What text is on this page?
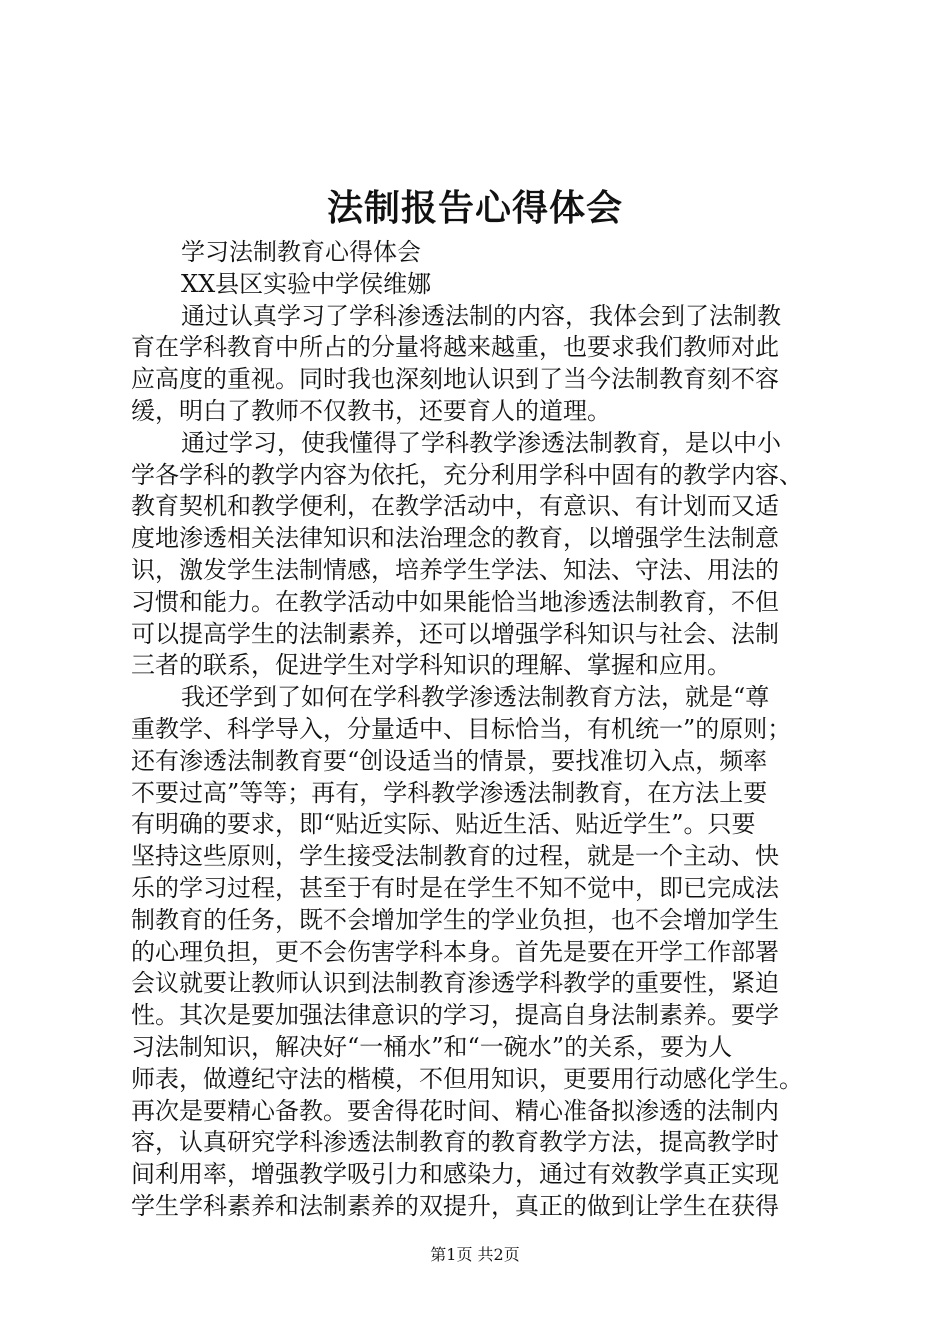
法制报告心得体会
学习法制教育心得体会
XX县区实验中学侯维娜
通过认真学习了学科渗透法制的内容，我体会到了法制教
育在学科教育中所占的分量将越来越重，也要求我们教师对此
应高度的重视。同时我也深刻地认识到了当今法制教育刻不容
缓，明白了教师不仅教书，还要育人的道理。
通过学习，使我懂得了学科教学渗透法制教育，是以中小
学各学科的教学内容为依托，充分利用学科中固有的教学内容、
教育契机和教学便利，在教学活动中，有意识、有计划而又适
度地渗透相关法律知识和法治理念的教育，以增强学生法制意
识，激发学生法制情感，培养学生学法、知法、守法、用法的
习惯和能力。在教学活动中如果能恰当地渗透法制教育，不但
可以提高学生的法制素养，还可以增强学科知识与社会、法制
三者的联系，促进学生对学科知识的理解、掌握和应用。
我还学到了如何在学科教学渗透法制教育方法，就是“尊
重教学、科学导入，分量适中、目标恰当，有机统一”的原则；
还有渗透法制教育要“创设适当的情景，要找准切入点，频率
不要过高”等等；再有，学科教学渗透法制教育，在方法上要
有明确的要求，即“贴近实际、贴近生活、贴近学生”。只要
坚持这些原则，学生接受法制教育的过程，就是一个主动、快
乐的学习过程，甚至于有时是在学生不知不觉中，即已完成法
制教育的任务，既不会增加学生的学业负担，也不会增加学生
的心理负担，更不会伤害学科本身。首先是要在开学工作部署
会议就要让教师认识到法制教育渗透学科教学的重要性，紧迫
性。其次是要加强法律意识的学习，提高自身法制素养。要学
习法制知识，解决好“一桶水”和“一碗水”的关系，要为人
师表，做遵纪守法的楷模，不但用知识，更要用行动感化学生。
再次是要精心备教。要舍得花时间、精心准备拟渗透的法制内
容，认真研究学科渗透法制教育的教育教学方法，提高教学时
间利用率，增强教学吸引力和感染力，通过有效教学真正实现
学生学科素养和法制素养的双提升，真正的做到让学生在获得
第1页 共2页
